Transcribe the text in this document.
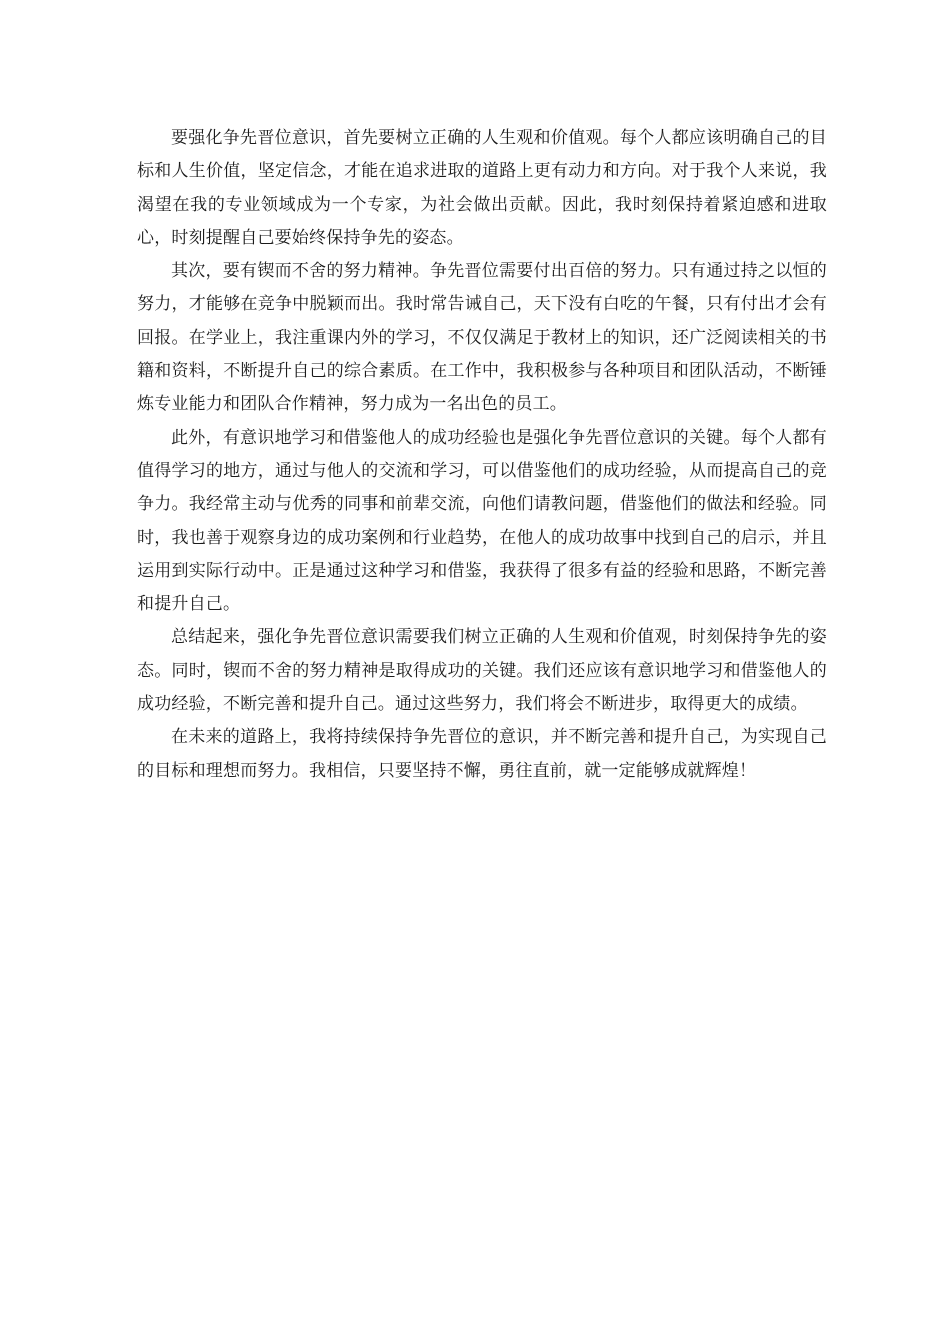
要强化争先晋位意识，首先要树立正确的人生观和价值观。每个人都应该明确自己的目标和人生价值，坚定信念，才能在追求进取的道路上更有动力和方向。对于我个人来说，我渴望在我的专业领域成为一个专家，为社会做出贡献。因此，我时刻保持着紧迫感和进取心，时刻提醒自己要始终保持争先的姿态。

其次，要有锲而不舍的努力精神。争先晋位需要付出百倍的努力。只有通过持之以恒的努力，才能够在竞争中脱颖而出。我时常告诫自己，天下没有白吃的午餐，只有付出才会有回报。在学业上，我注重课内外的学习，不仅仅满足于教材上的知识，还广泛阅读相关的书籍和资料，不断提升自己的综合素质。在工作中，我积极参与各种项目和团队活动，不断锤炼专业能力和团队合作精神，努力成为一名出色的员工。

此外，有意识地学习和借鉴他人的成功经验也是强化争先晋位意识的关键。每个人都有值得学习的地方，通过与他人的交流和学习，可以借鉴他们的成功经验，从而提高自己的竞争力。我经常主动与优秀的同事和前辈交流，向他们请教问题，借鉴他们的做法和经验。同时，我也善于观察身边的成功案例和行业趋势，在他人的成功故事中找到自己的启示，并且运用到实际行动中。正是通过这种学习和借鉴，我获得了很多有益的经验和思路，不断完善和提升自己。

总结起来，强化争先晋位意识需要我们树立正确的人生观和价值观，时刻保持争先的姿态。同时，锲而不舍的努力精神是取得成功的关键。我们还应该有意识地学习和借鉴他人的成功经验，不断完善和提升自己。通过这些努力，我们将会不断进步，取得更大的成绩。

在未来的道路上，我将持续保持争先晋位的意识，并不断完善和提升自己，为实现自己的目标和理想而努力。我相信，只要坚持不懈，勇往直前，就一定能够成就辉煌！
